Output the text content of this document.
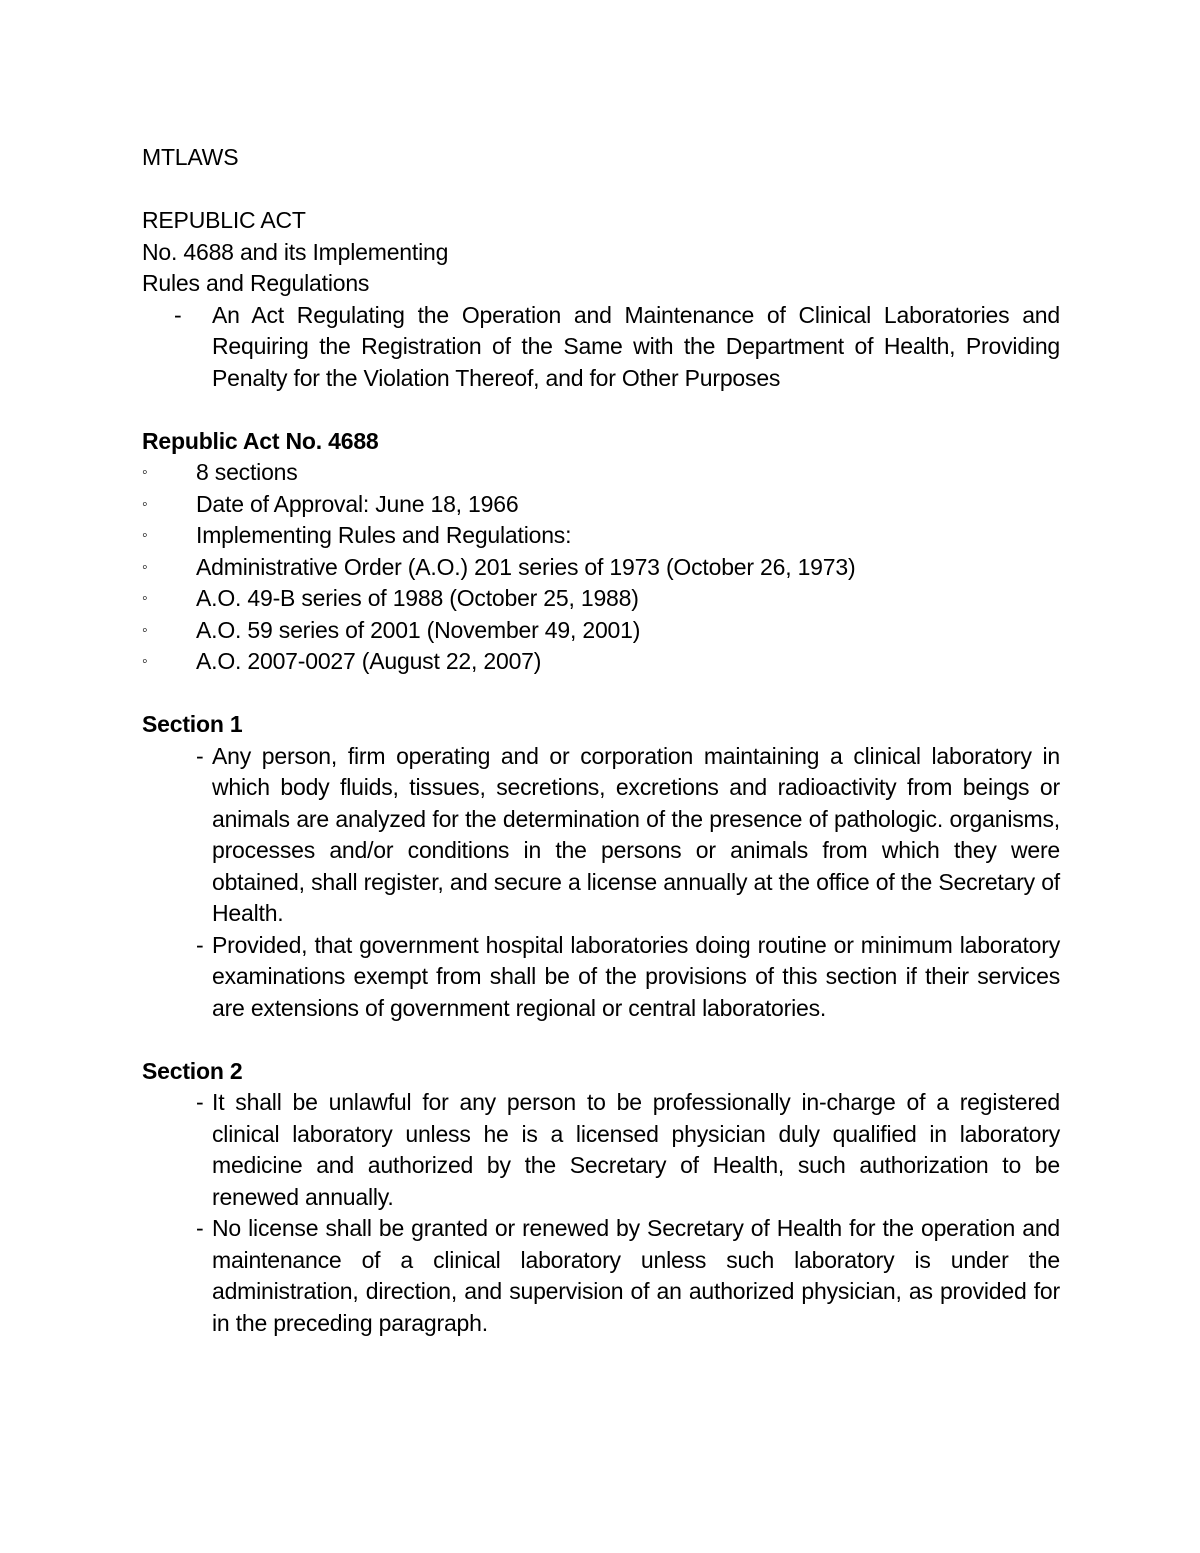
MTLAWS
REPUBLIC ACT
No. 4688 and its Implementing
Rules and Regulations
- An Act Regulating the Operation and Maintenance of Clinical Laboratories and Requiring the Registration of the Same with the Department of Health, Providing Penalty for the Violation Thereof, and for Other Purposes
Republic Act No. 4688
◦ 8 sections
◦ Date of Approval: June 18, 1966
◦ Implementing Rules and Regulations:
◦ Administrative Order (A.O.) 201 series of 1973 (October 26, 1973)
◦ A.O. 49-B series of 1988 (October 25, 1988)
◦ A.O. 59 series of 2001 (November 49, 2001)
◦ A.O. 2007-0027 (August 22, 2007)
Section 1
- Any person, firm operating and or corporation maintaining a clinical laboratory in which body fluids, tissues, secretions, excretions and radioactivity from beings or animals are analyzed for the determination of the presence of pathologic. organisms, processes and/or conditions in the persons or animals from which they were obtained, shall register, and secure a license annually at the office of the Secretary of Health.
- Provided, that government hospital laboratories doing routine or minimum laboratory examinations exempt from shall be of the provisions of this section if their services are extensions of government regional or central laboratories.
Section 2
- It shall be unlawful for any person to be professionally in-charge of a registered clinical laboratory unless he is a licensed physician duly qualified in laboratory medicine and authorized by the Secretary of Health, such authorization to be renewed annually.
- No license shall be granted or renewed by Secretary of Health for the operation and maintenance of a clinical laboratory unless such laboratory is under the administration, direction, and supervision of an authorized physician, as provided for in the preceding paragraph.
